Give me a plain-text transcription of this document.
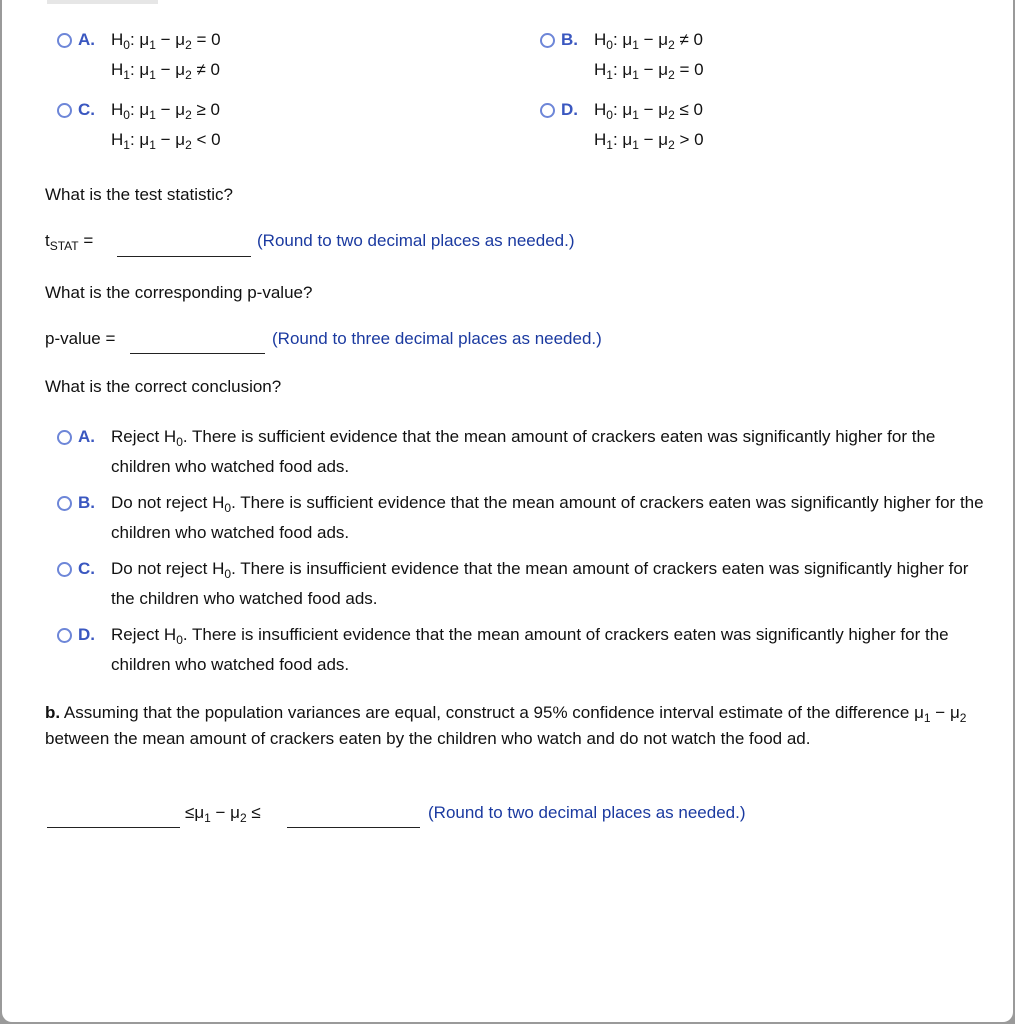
A. $H_0$: $\mu_1 - \mu_2 = 0$
$H_1$: $\mu_1 - \mu_2 \ne 0$
B. $H_0$: $\mu_1 - \mu_2 \ne 0$
$H_1$: $\mu_1 - \mu_2 = 0$
C. $H_0$: $\mu_1 - \mu_2 \ge 0$
$H_1$: $\mu_1 - \mu_2 < 0$
D. $H_0$: $\mu_1 - \mu_2 \le 0$
$H_1$: $\mu_1 - \mu_2 > 0$
What is the test statistic?
$t_{STAT}$ =	(Round to two decimal places as needed.)
What is the corresponding p-value?
p-value =	(Round to three decimal places as needed.)
What is the correct conclusion?
A. Reject $H_0$. There is sufficient evidence that the mean amount of crackers eaten was significantly higher for the children who watched food ads.
B. Do not reject $H_0$. There is sufficient evidence that the mean amount of crackers eaten was significantly higher for the children who watched food ads.
C. Do not reject $H_0$. There is insufficient evidence that the mean amount of crackers eaten was significantly higher for the children who watched food ads.
D. Reject $H_0$. There is insufficient evidence that the mean amount of crackers eaten was significantly higher for the children who watched food ads.
b. Assuming that the population variances are equal, construct a 95% confidence interval estimate of the difference $\mu_1 - \mu_2$ between the mean amount of crackers eaten by the children who watch and do not watch the food ad.
$\le\mu_1 - \mu_2$ ≤	(Round to two decimal places as needed.)
